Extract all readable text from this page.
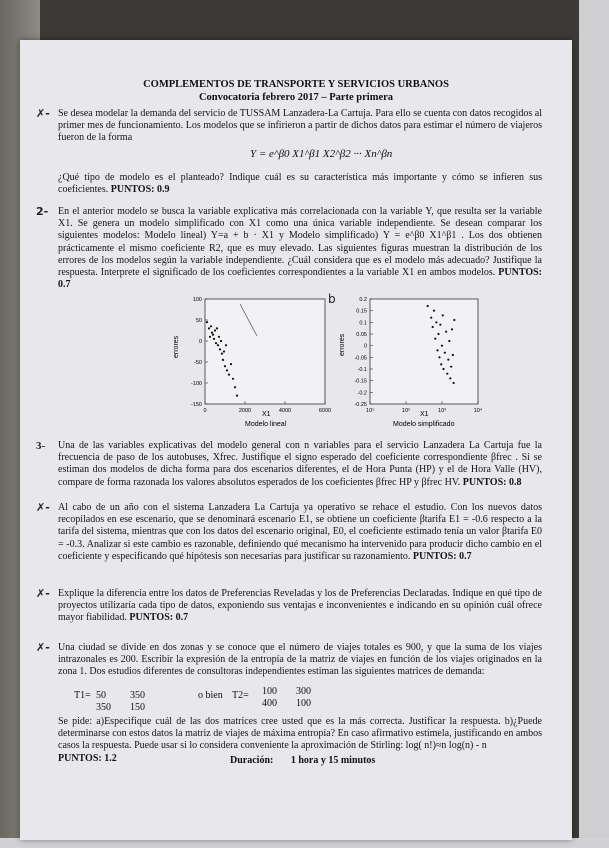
COMPLEMENTOS DE TRANSPORTE Y SERVICIOS URBANOS
Convocatoria febrero 2017 – Parte primera
✗- Se desea modelar la demanda del servicio de TUSSAM Lanzadera-La Cartuja. Para ello se cuenta con datos recogidos al primer mes de funcionamiento. Los modelos que se infirieron a partir de dichos datos para estimar el número de viajeros fueron de la forma
Y = e^β0 X1^β1 X2^β2 ··· Xn^βn
¿Qué tipo de modelo es el planteado? Indique cuál es su característica más importante y cómo se infieren sus coeficientes. PUNTOS: 0.9
2- En el anterior modelo se busca la variable explicativa más correlacionada con la variable Y, que resulta ser la variable X1. Se genera un modelo simplificado con X1 como una única variable independiente. Se desean comparar los siguientes modelos: Modelo lineal) Y=a + b · X1 y Modelo simplificado) Y = e^β0 X1^β1 . Los dos obtienen prácticamente el mismo coeficiente R2, que es muy elevado. Las siguientes figuras muestran la distribución de los errores de los modelos según la variable independiente. ¿Cuál considera que es el modelo más adecuado? Justifique la respuesta. Interprete el significado de los coeficientes correspondientes a la variable X1 en ambos modelos. PUNTOS: 0.7
errores
X1
Modelo lineal
100
50
0
-50
-100
-150
0	2000	4000	6000
b
errores
X1
Modelo simplificado
0.2
0.15
0.1
0.05
0
-0.05
-0.1
-0.15
-0.2
-0.25
10¹	10²	10³	10⁴
3- Una de las variables explicativas del modelo general con n variables para el servicio Lanzadera La Cartuja fue la frecuencia de paso de los autobuses, Xfrec. Justifique el signo esperado del coeficiente correspondiente βfrec . Si se estiman dos modelos de dicha forma para dos escenarios diferentes, el de Hora Punta (HP) y el de Hora Valle (HV), compare de forma razonada los valores absolutos esperados de los coeficientes βfrec HP y βfrec HV. PUNTOS: 0.8
✗- Al cabo de un año con el sistema Lanzadera La Cartuja ya operativo se rehace el estudio. Con los nuevos datos recopilados en ese escenario, que se denominará escenario E1, se obtiene un coeficiente βtarifa E1 = -0.6 respecto a la tarifa del sistema, mientras que con los datos del escenario original, E0, el coeficiente estimado tenía un valor βtarifa E0 = -0.3. Analizar si este cambio es razonable, definiendo qué mecanismo ha intervenido para producir dicho cambio en el coeficiente y especificando qué hipótesis son necesarias para justificar su razonamiento. PUNTOS: 0.7
✗- Explique la diferencia entre los datos de Preferencias Reveladas y los de Preferencias Declaradas. Indique en qué tipo de proyectos utilizaría cada tipo de datos, exponiendo sus ventajas e inconvenientes e indicando en su opinión cuál ofrece mayor fiabilidad. PUNTOS: 0.7
✗- Una ciudad se divide en dos zonas y se conoce que el número de viajes totales es 900, y que la suma de los viajes intrazonales es 200. Escribir la expresión de la entropía de la matriz de viajes en función de los viajes originados en la zona 1. Dos estudios diferentes de consultoras independientes estiman las siguientes matrices de demanda:
T1= 50 350
350 150
o bien T2= 100 300
400 100
Se pide: a)Especifique cuál de las dos matrices cree usted que es la más correcta. Justificar la respuesta. b)¿Puede determinarse con estos datos la matriz de viajes de máxima entropía? En caso afirmativo estímela, justificando en ambos casos la respuesta. Puede usar si lo considera conveniente la aproximación de Stirling: log( n!)≈n log(n) - n
PUNTOS: 1.2	Duración: 1 hora y 15 minutos
